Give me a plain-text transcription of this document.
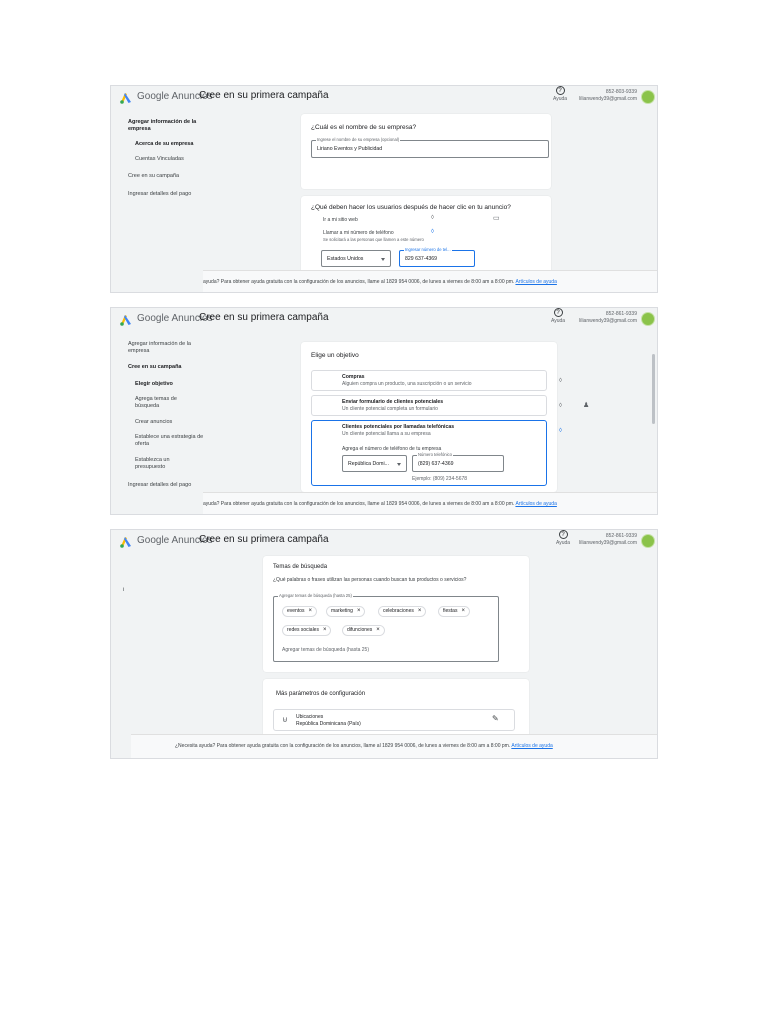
Google Anuncios
Cree en su primera campaña	?
Ayuda
852-803-9339
lilianwendy39@gmail.com
Agregar información de la empresa
Acerca de su empresa
Cuentas Vinculadas
Cree en su campaña
Ingresar detalles del pago
¿Cuál es el nombre de su empresa?
Ingrese el nombre de su empresa (opcional)
Liriano Eventos y Publicidad
¿Qué deben hacer los usuarios después de hacer clic en tu anuncio?
Ir a mi sitio web	◊	▭
Llamar a mi número de teléfono	◊
Se solicitará a las personas que llamen a este número
Estados Unidos
Ingresar número de tel...
829 637-4369
ayuda? Para obtener ayuda gratuita con la configuración de los anuncios, llame al 1829 954 0006, de lunes a viernes de 8:00 am a 8:00 pm. Artículos de ayuda
Google Anuncios
Cree en su primera campaña	?
Ayuda
852-861-9339
lilianwendy39@gmail.com
Agregar información de la empresa
Cree en su campaña
Elegir objetivo
Agrega temas de búsqueda
Crear anuncios
Establece una estrategia de oferta
Establezca un presupuesto
Ingresar detalles del pago
Elige un objetivo
Compras
Alguien compra un producto, una suscripción o un servicio
Enviar formulario de clientes potenciales
Un cliente potencial completa un formulario
Clientes potenciales por llamadas telefónicas
Un cliente potencial llama a su empresa
Agrega el número de teléfono de tu empresa
República Domi...
Número telefónico
(829) 637-4369
Ejemplo: (809) 234-5678
◊
◊
◊
♟
ayuda? Para obtener ayuda gratuita con la configuración de los anuncios, llame al 1829 954 0006, de lunes a viernes de 8:00 am a 8:00 pm. Artículos de ayuda
Google Anuncios
Cree en su primera campaña	?
Ayuda
852-861-9339
lilianwendy39@gmail.com
i
Temas de búsqueda
¿Qué palabras o frases utilizan las personas cuando buscan tus productos o servicios?
Agregar temas de búsqueda (hasta 25)
eventos ×	marketing ×	celebraciones ×	fiestas ×
redes sociales ×	difunciones ×
Agregar temas de búsqueda (hasta 25)
Más parámetros de configuración
⊍ Ubicaciones
República Dominicana (País)
✎
¿Necesita ayuda? Para obtener ayuda gratuita con la configuración de los anuncios, llame al 1829 954 0006, de lunes a viernes de 8:00 am a 8:00 pm. Artículos de ayuda
